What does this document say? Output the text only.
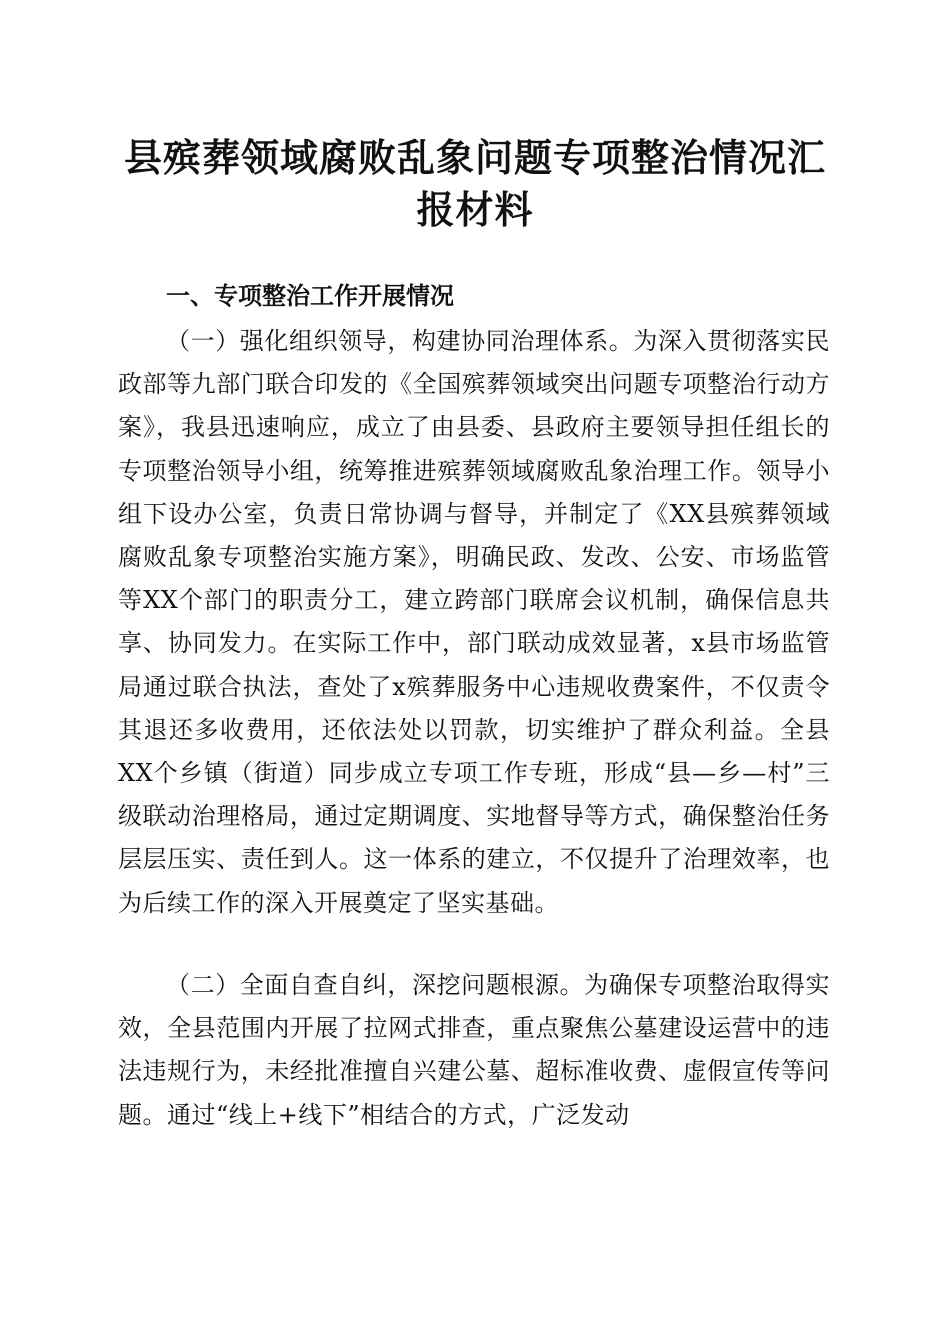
县殡葬领域腐败乱象问题专项整治情况汇报材料
一、专项整治工作开展情况

（一）强化组织领导，构建协同治理体系。为深入贯彻落实民政部等九部门联合印发的《全国殡葬领域突出问题专项整治行动方案》，我县迅速响应，成立了由县委、县政府主要领导担任组长的专项整治领导小组，统筹推进殡葬领域腐败乱象治理工作。领导小组下设办公室，负责日常协调与督导，并制定了《XX县殡葬领域腐败乱象专项整治实施方案》，明确民政、发改、公安、市场监管等XX个部门的职责分工，建立跨部门联席会议机制，确保信息共享、协同发力。在实际工作中，部门联动成效显著，x县市场监管局通过联合执法，查处了x殡葬服务中心违规收费案件，不仅责令其退还多收费用，还依法处以罚款，切实维护了群众利益。全县XX个乡镇（街道）同步成立专项工作专班，形成“县—乡—村”三级联动治理格局，通过定期调度、实地督导等方式，确保整治任务层层压实、责任到人。这一体系的建立，不仅提升了治理效率，也为后续工作的深入开展奠定了坚实基础。

（二）全面自查自纠，深挖问题根源。为确保专项整治取得实效，全县范围内开展了拉网式排查，重点聚焦公墓建设运营中的违法违规行为，未经批准擅自兴建公墓、超标准收费、虚假宣传等问题。通过“线上+线下”相结合的方式，广泛发动
